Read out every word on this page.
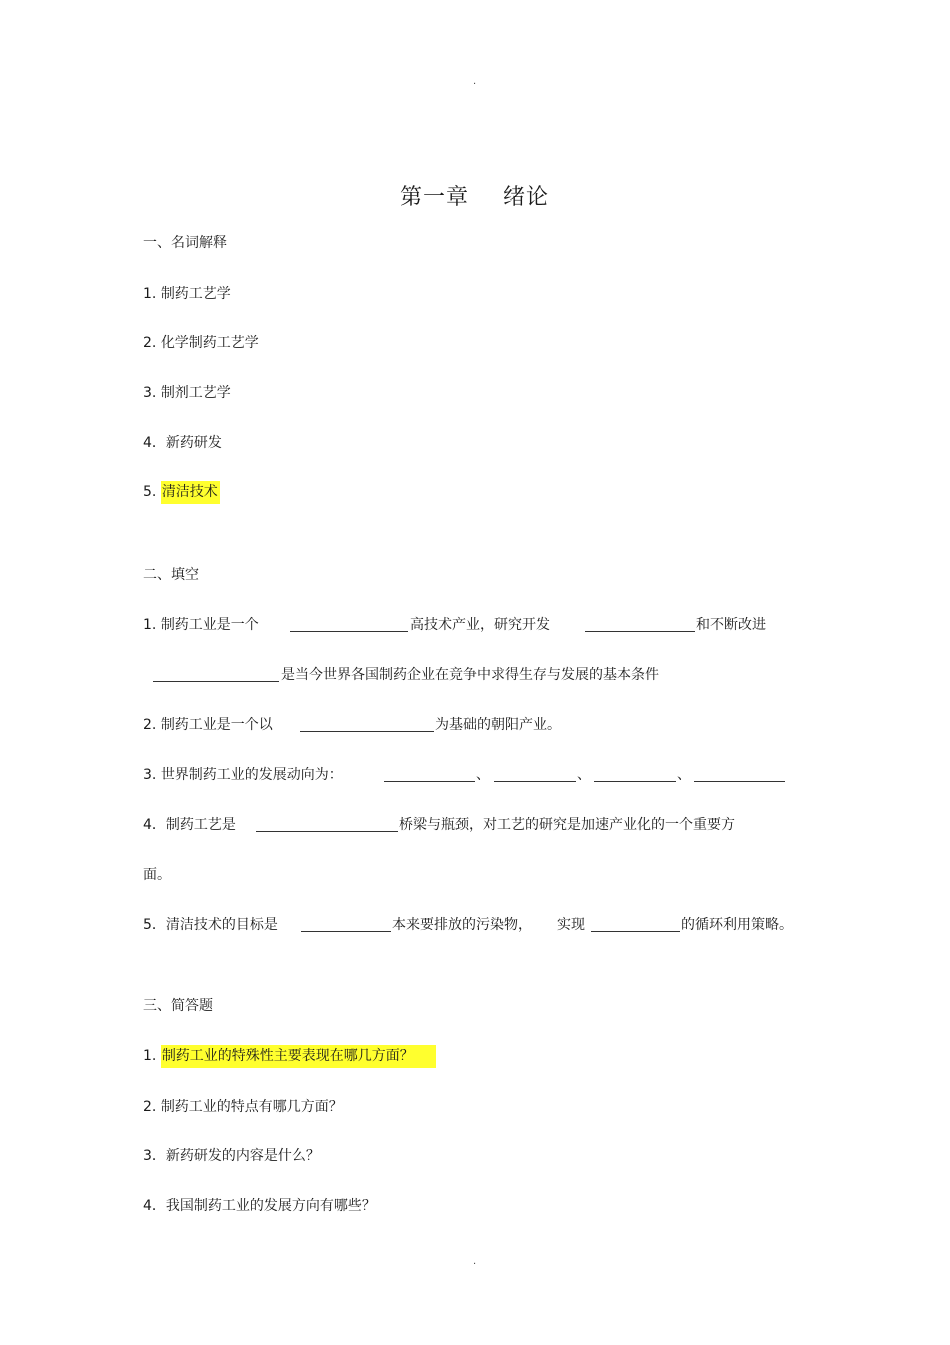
.
.
第一章 绪论
一、名词解释
1. 制药工艺学
2. 化学制药工艺学
3. 制剂工艺学
4．新药研发
5. 清洁技术
二、填空
1. 制药工业是一个	高技术产业，研究开发	和不断改进
是当今世界各国制药企业在竞争中求得生存与发展的基本条件
2. 制药工业是一个以	为基础的朝阳产业。
3. 世界制药工业的发展动向为：	、	、	、
4．制药工艺是	桥梁与瓶颈，对工艺的研究是加速产业化的一个重要方
面。
5．清洁技术的目标是	本来要排放的污染物， 实现	的循环利用策略。
三、简答题
1. 制药工业的特殊性主要表现在哪几方面？
2. 制药工业的特点有哪几方面？
3．新药研发的内容是什么？
4．我国制药工业的发展方向有哪些？
